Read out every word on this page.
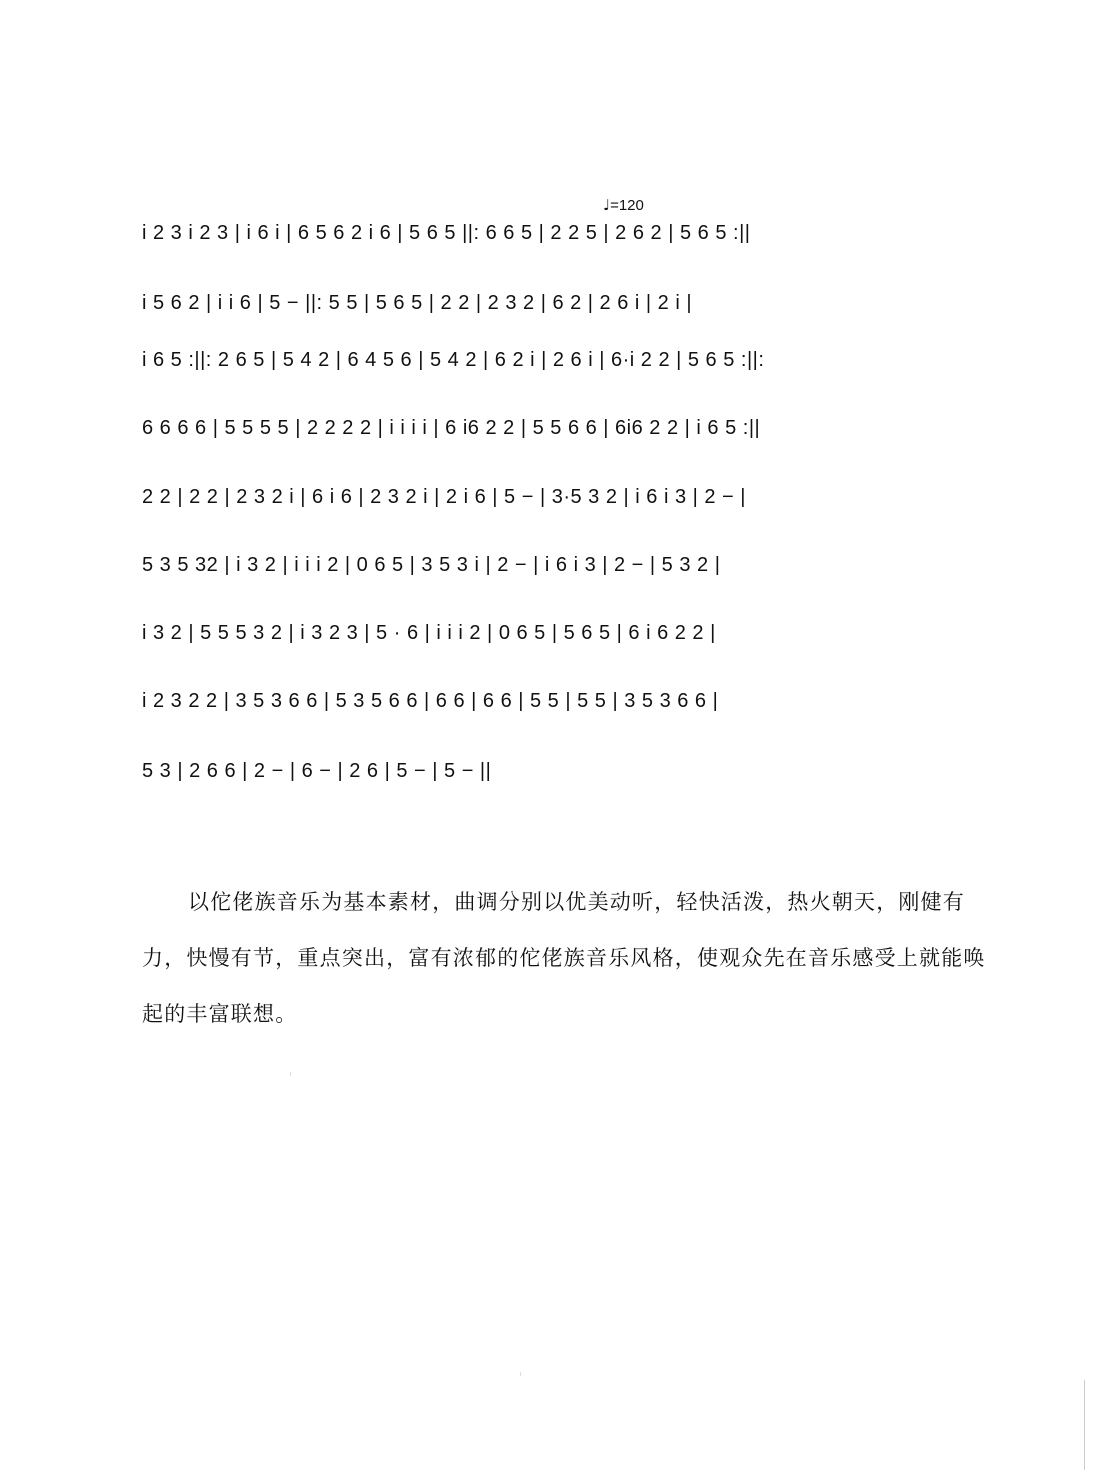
♩=120
i 2 3 i 2 3 | i 6 i | 6 5 6 2 i 6 | 5 6 5 ||: 6 6 5 | 2 2 5 | 2 6 2 | 5 6 5 :||
i 5 6 2 | i i 6 | 5 − ||: 5 5 | 5 6 5 | 2 2 | 2 3 2 | 6 2 | 2 6 i | 2 i |
i 6 5 :||: 2 6 5 | 5 4 2 | 6 4 5 6 | 5 4 2 | 6 2 i | 2 6 i | 6·i 2 2 | 5 6 5 :||:
6 6 6 6 | 5 5 5 5 | 2 2 2 2 | i i i i | 6 i6 2 2 | 5 5 6 6 | 6i6 2 2 | i 6 5 :||
2 2 | 2 2 | 2 3 2 i | 6 i 6 | 2 3 2 i | 2 i 6 | 5 − | 3·5 3 2 | i 6 i 3 | 2 − |
5 3 5 32 | i 3 2 | i i i 2 | 0 6 5 | 3 5 3 i | 2 − | i 6 i 3 | 2 − | 5 3 2 |
i 3 2 | 5 5 5 3 2 | i 3 2 3 | 5 · 6 | i i i 2 | 0 6 5 | 5 6 5 | 6 i 6 2 2 |
i 2 3 2 2 | 3 5 3 6 6 | 5 3 5 6 6 | 6 6 | 6 6 | 5 5 | 5 5 | 3 5 3 6 6 |
5 3 | 2 6 6 | 2 − | 6 − | 2 6 | 5 − | 5 − ||

以佗佬族音乐为基本素材，曲调分别以优美动听，轻快活泼，热火朝天，刚健有力，快慢有节，重点突出，富有浓郁的佗佬族音乐风格，使观众先在音乐感受上就能唤起的丰富联想。
